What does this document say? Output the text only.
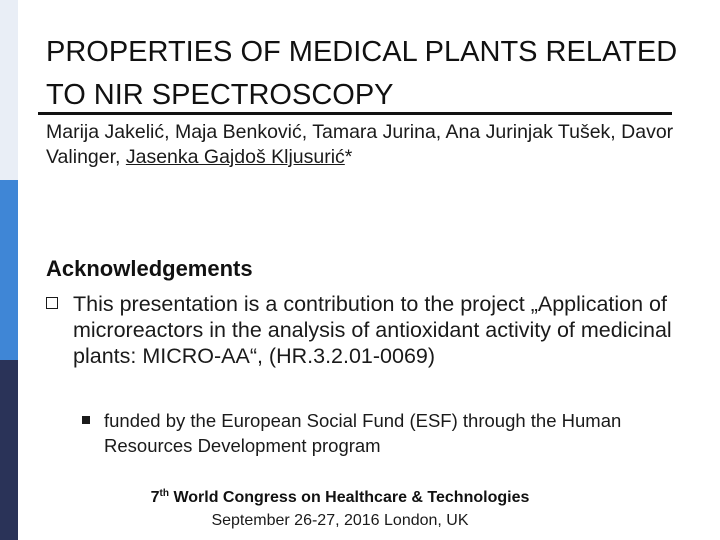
PROPERTIES OF MEDICAL PLANTS RELATED TO NIR SPECTROSCOPY

Marija Jakelić, Maja Benković, Tamara Jurina, Ana Jurinjak Tušek, Davor Valinger, Jasenka Gajdoš Kljusurić*

Acknowledgements
This presentation is a contribution to the project „Application of microreactors in the analysis of antioxidant activity of medicinal plants: MICRO-AA“, (HR.3.2.01-0069)
funded by the European Social Fund (ESF) through the Human Resources Development program
7th World Congress on Healthcare & Technologies
September 26-27, 2016 London, UK
